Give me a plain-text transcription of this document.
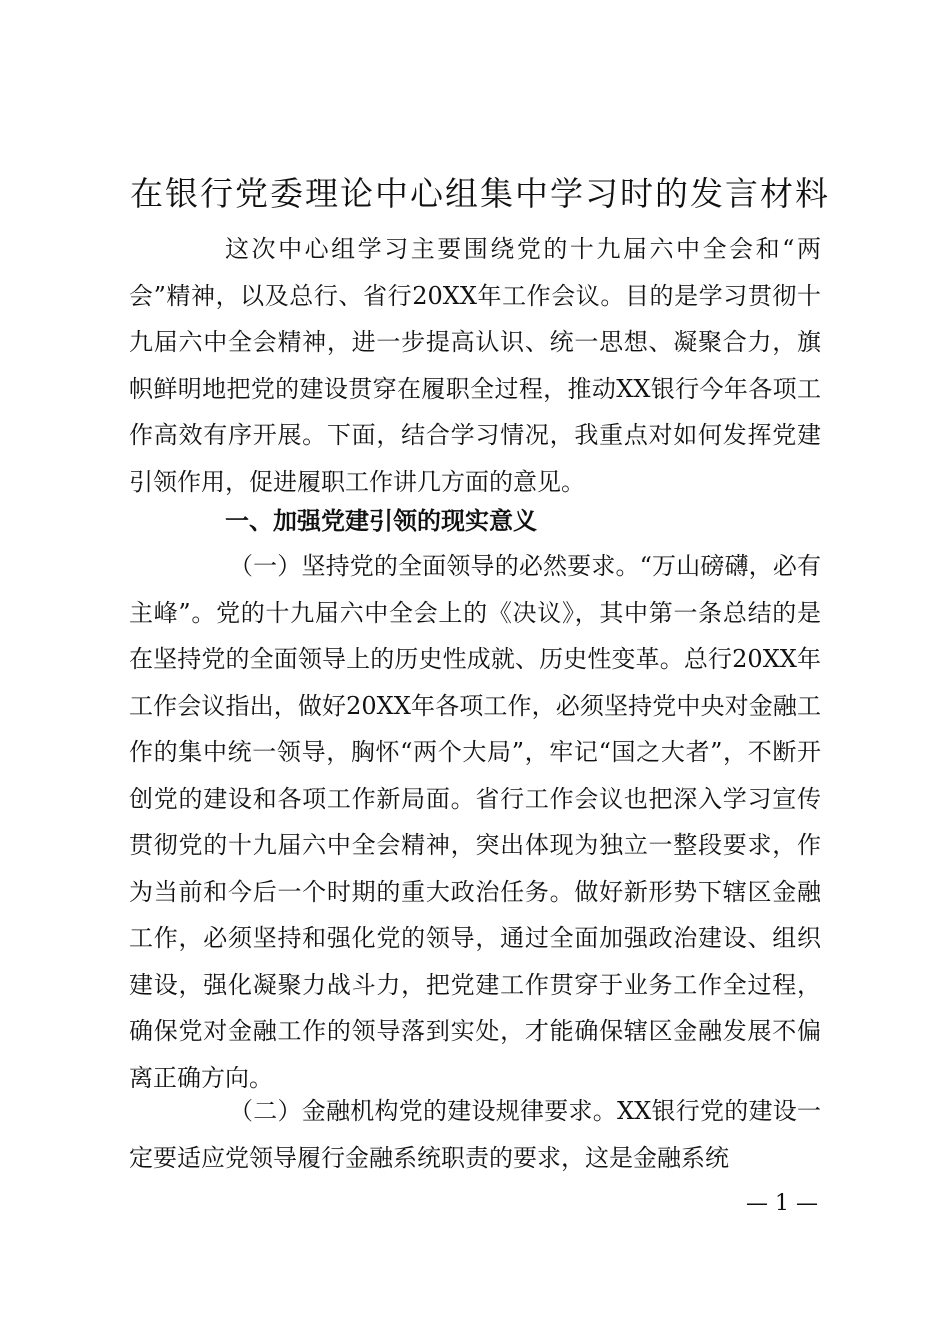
在银行党委理论中心组集中学习时的发言材料

这次中心组学习主要围绕党的十九届六中全会和“两会”精神，以及总行、省行20XX年工作会议。目的是学习贯彻十九届六中全会精神，进一步提高认识、统一思想、凝聚合力，旗帜鲜明地把党的建设贯穿在履职全过程，推动XX银行今年各项工作高效有序开展。下面，结合学习情况，我重点对如何发挥党建引领作用，促进履职工作讲几方面的意见。

一、加强党建引领的现实意义

（一）坚持党的全面领导的必然要求。“万山磅礴，必有主峰”。党的十九届六中全会上的《决议》，其中第一条总结的是在坚持党的全面领导上的历史性成就、历史性变革。总行20XX年工作会议指出，做好20XX年各项工作，必须坚持党中央对金融工作的集中统一领导，胸怀“两个大局”，牢记“国之大者”，不断开创党的建设和各项工作新局面。省行工作会议也把深入学习宣传贯彻党的十九届六中全会精神，突出体现为独立一整段要求，作为当前和今后一个时期的重大政治任务。做好新形势下辖区金融工作，必须坚持和强化党的领导，通过全面加强政治建设、组织建设，强化凝聚力战斗力，把党建工作贯穿于业务工作全过程，确保党对金融工作的领导落到实处，才能确保辖区金融发展不偏离正确方向。

（二）金融机构党的建设规律要求。XX银行党的建设一定要适应党领导履行金融系统职责的要求，这是金融系统

— 1 —
